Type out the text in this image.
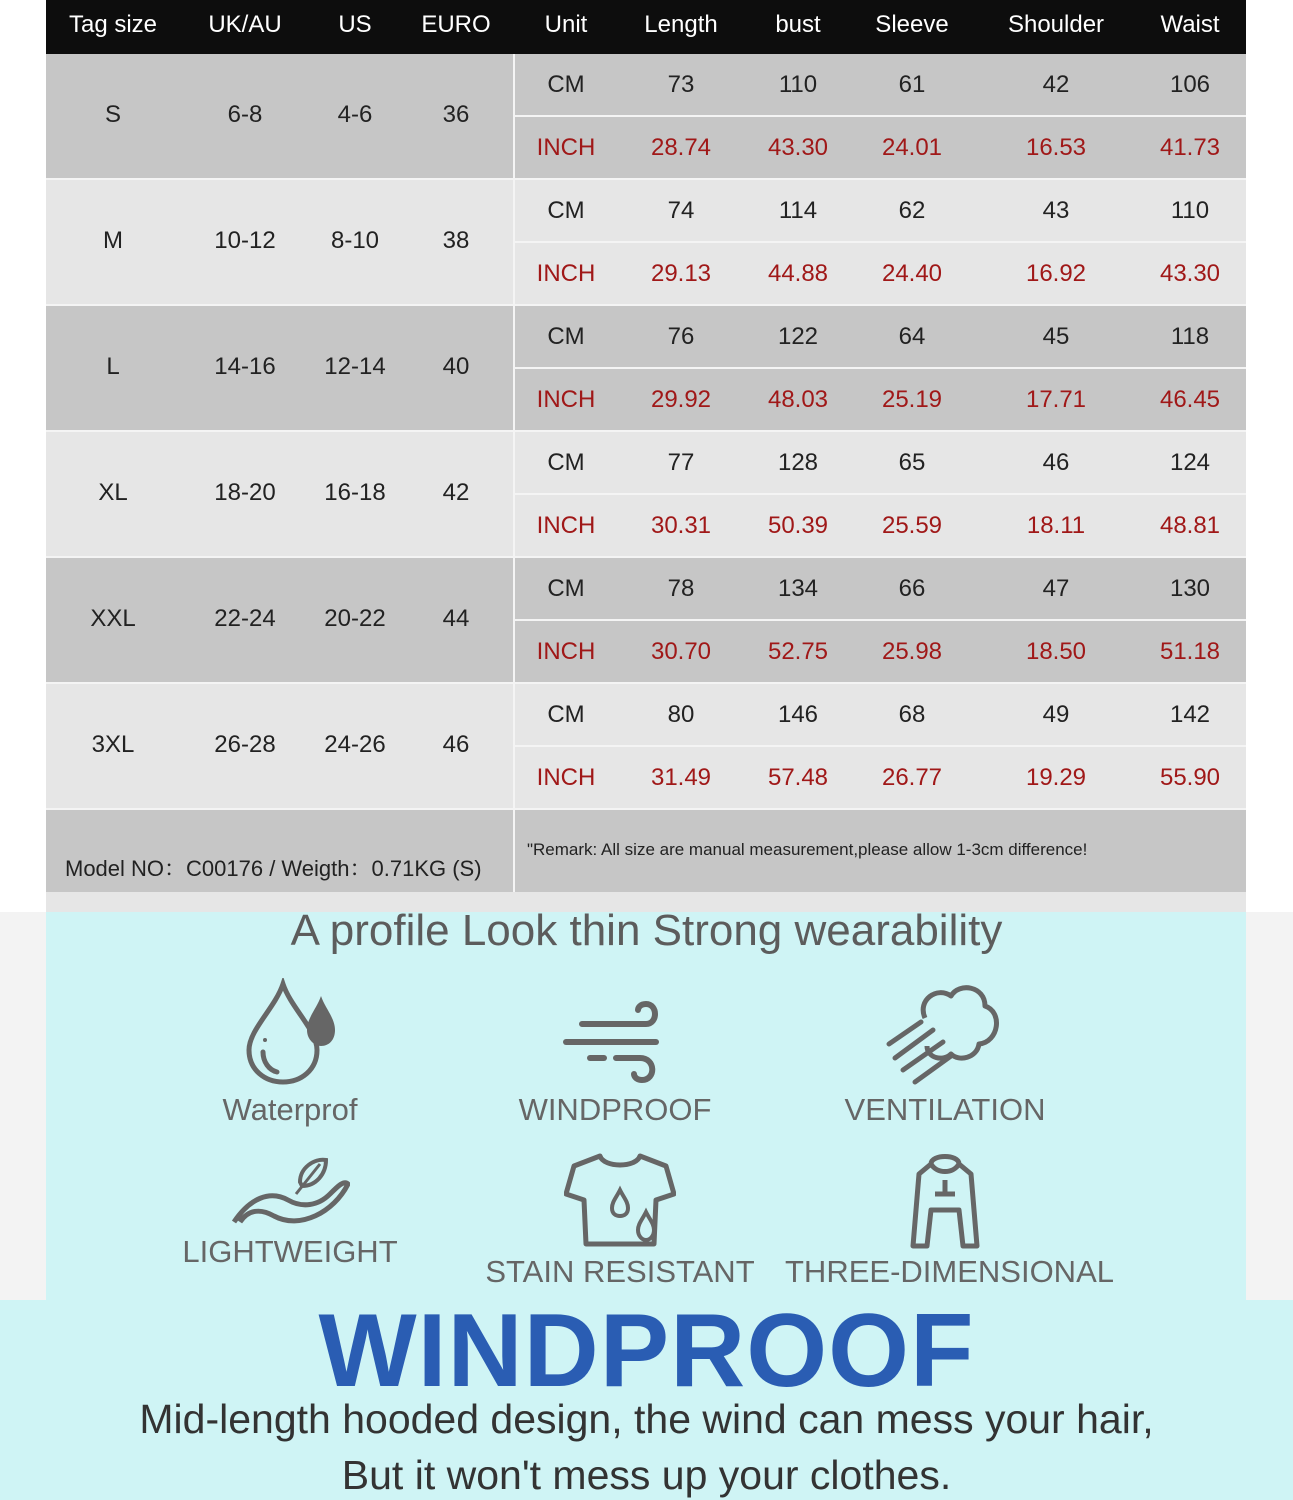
Tag size UK/AU US EURO Unit Length bust Sleeve Shoulder Waist
S	6-8	4-6	36
CM	73	110	61	42	106
INCH 28.74 43.30 24.01	16.53	41.73
M	10-12 8-10	38
CM	74	114	62	43	110
INCH 29.13 44.88 24.40	16.92	43.30
L	14-16 12-14 40
CM	76	122	64	45	118
INCH 29.92 48.03 25.19	17.71	46.45
XL	18-20 16-18 42
CM	77	128	65	46	124
INCH 30.31 50.39 25.59	18.11	48.81
XXL	22-24 20-22 44
CM	78	134	66	47	130
INCH 30.70 52.75 25.98	18.50	51.18
3XL	26-28 24-26 46
CM	80	146	68	49	142
INCH 31.49 57.48 26.77	19.29	55.90
Model NO：C00176 / Weigth：0.71KG (S)
"Remark: All size are manual measurement,please allow 1-3cm difference!
A profile Look thin Strong wearability
Waterprof	WINDPROOF	VENTILATION
LIGHTWEIGHT
STAIN RESISTANT THREE-DIMENSIONAL
WINDPROOF
Mid-length hooded design, the wind can mess your hair,
But it won't mess up your clothes.
